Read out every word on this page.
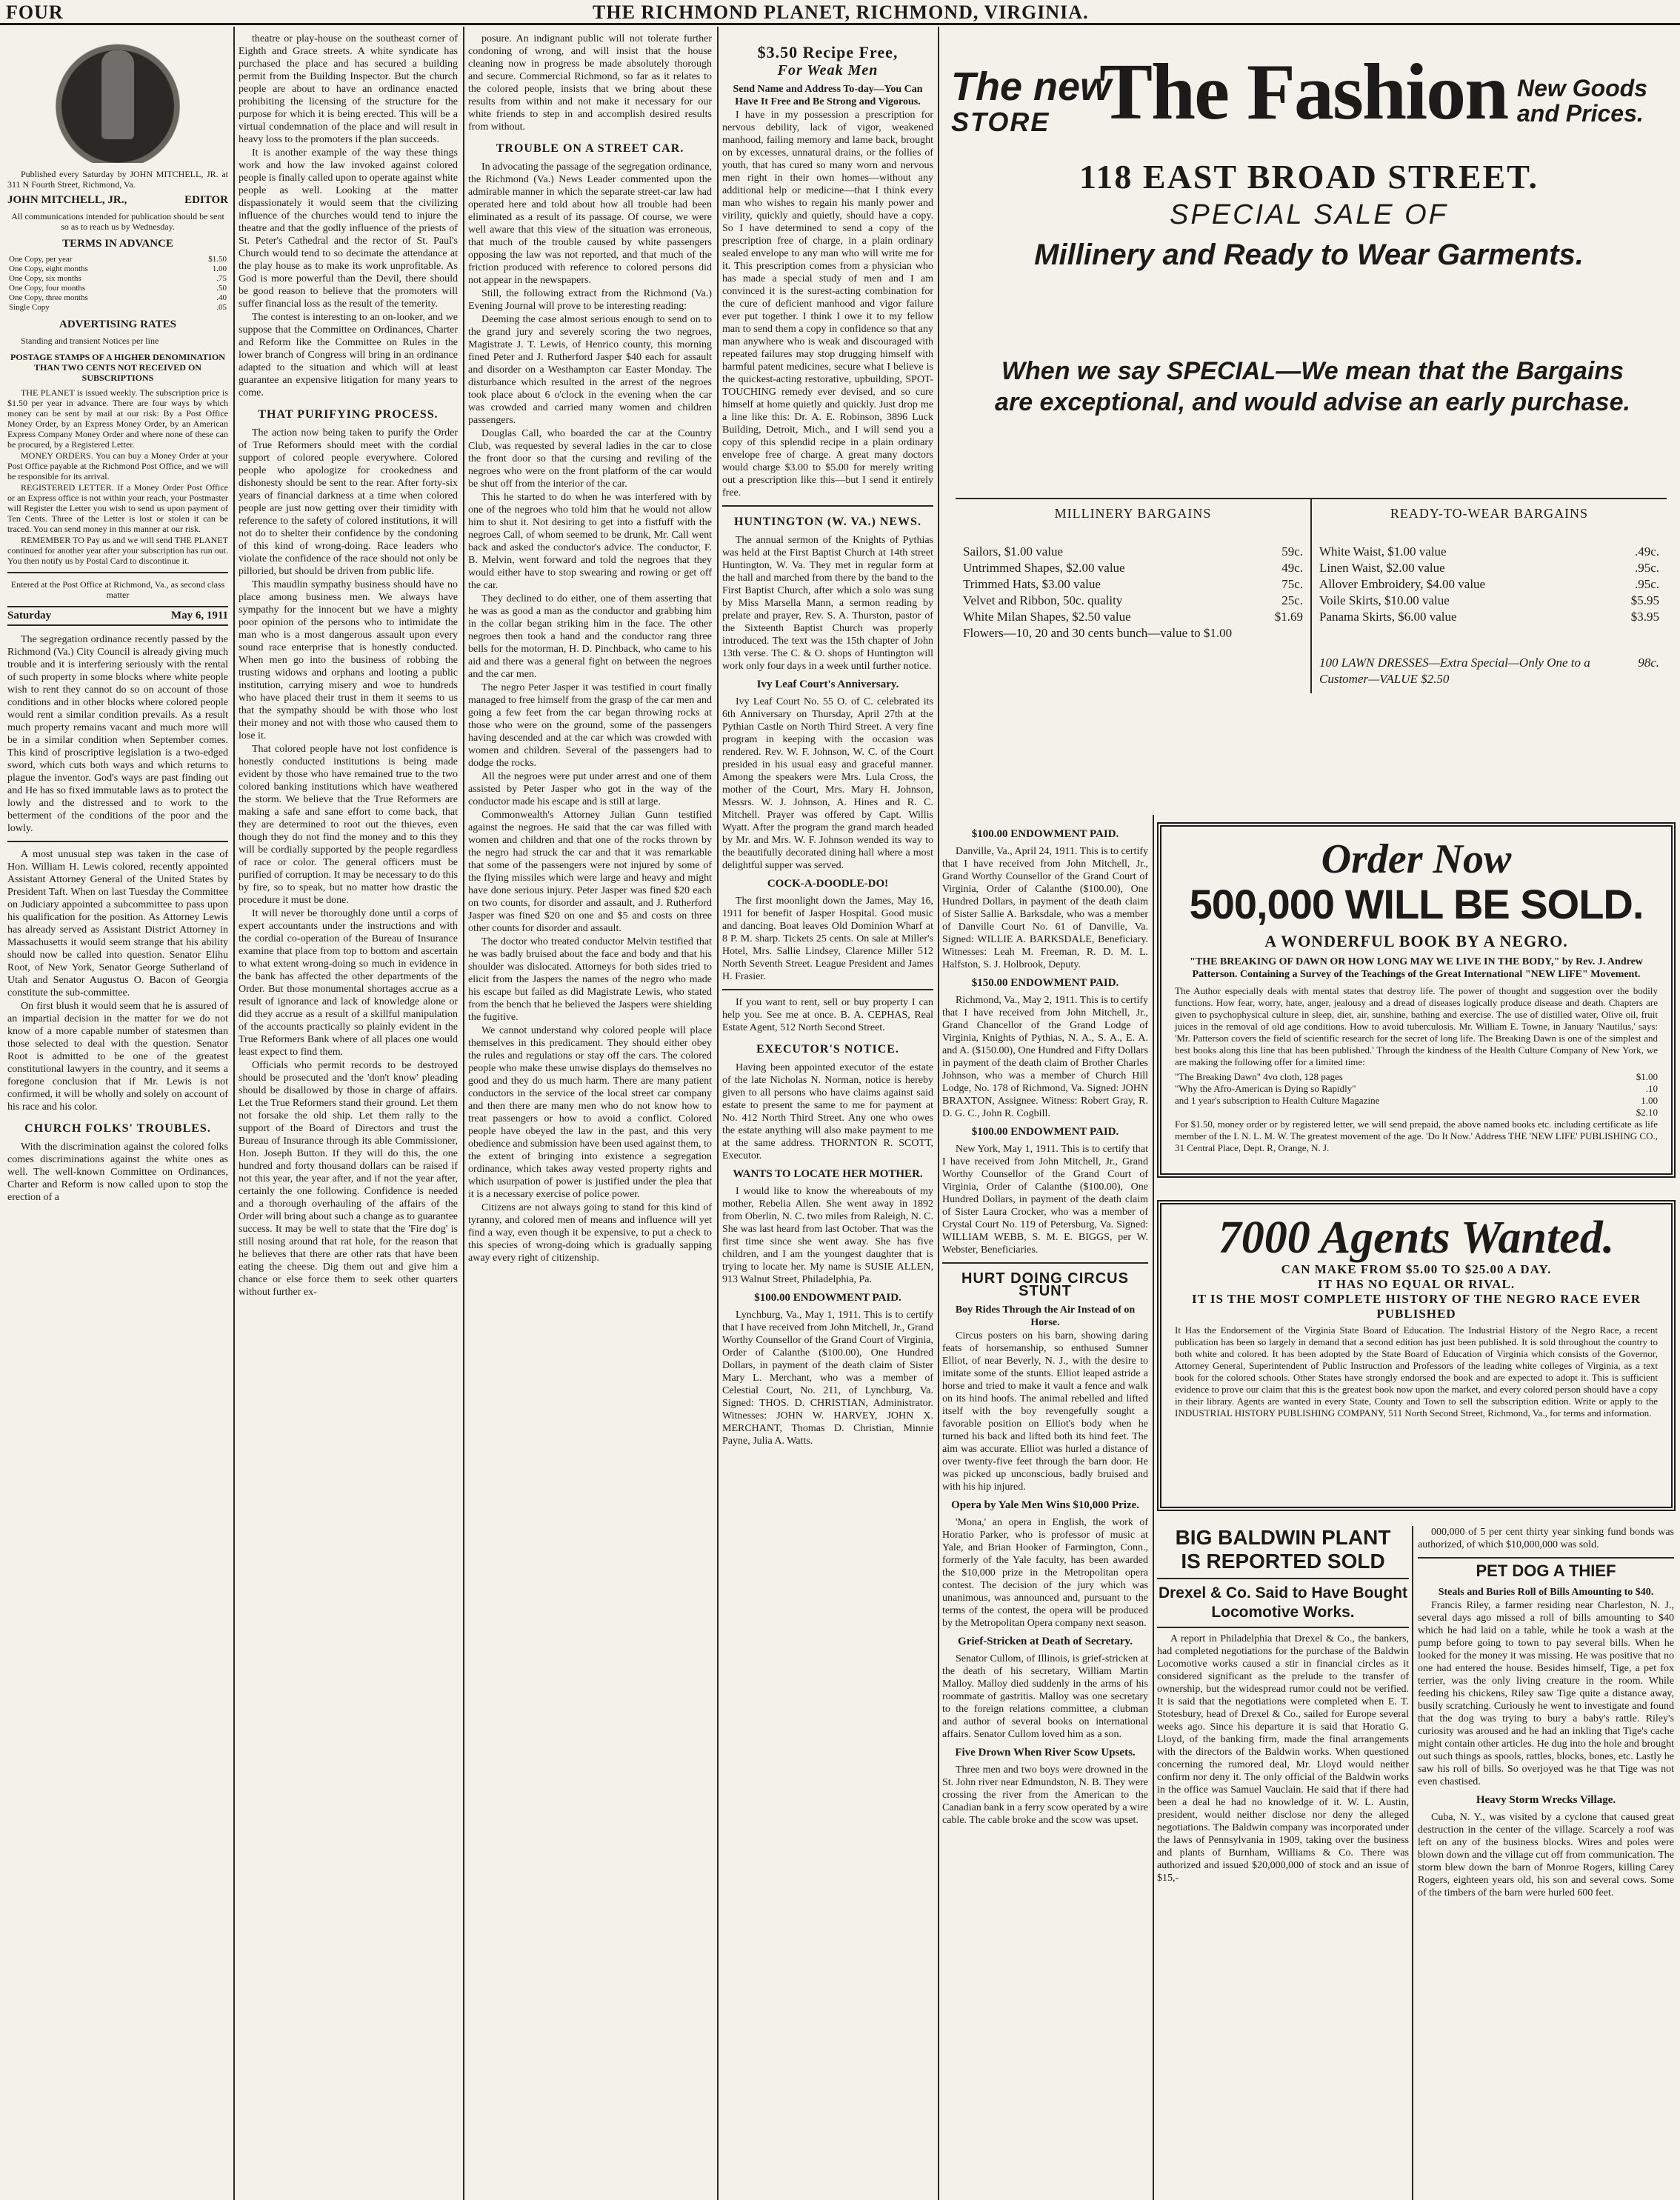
FOUR	THE RICHMOND PLANET, RICHMOND, VIRGINIA.

Published every Saturday by JOHN MITCHELL, JR. at 311 N Fourth Street, Richmond, Va.

JOHN MITCHELL, JR.,	EDITOR

All communications intended for publication should be sent so as to reach us by Wednesday.

TERMS IN ADVANCE
One Copy, per year	$1.50
One Copy, eight months	1.00
One Copy, six months	.75
One Copy, four months	.50
One Copy, three months	.40
Single Copy	.05
ADVERTISING RATES

Standing and transient Notices per line

POSTAGE STAMPS OF A HIGHER DENOMINATION THAN TWO CENTS NOT RECEIVED ON SUBSCRIPTIONS

THE PLANET is issued weekly. The subscription price is $1.50 per year in advance. There are four ways by which money can be sent by mail at our risk: By a Post Office Money Order, by an Express Money Order, by an American Express Company Money Order and where none of these can be procured, by a Registered Letter.

MONEY ORDERS. You can buy a Money Order at your Post Office payable at the Richmond Post Office, and we will be responsible for its arrival.

REGISTERED LETTER. If a Money Order Post Office or an Express office is not within your reach, your Postmaster will Register the Letter you wish to send us upon payment of Ten Cents. Three of the Letter is lost or stolen it can be traced. You can send money in this manner at our risk.

REMEMBER TO Pay us and we will send THE PLANET continued for another year after your subscription has run out. You then notify us by Postal Card to discontinue it.

Entered at the Post Office at Richmond, Va., as second class matter

Saturday	May 6, 1911

The segregation ordinance recently passed by the Richmond (Va.) City Council is already giving much trouble and it is interfering seriously with the rental of such property in some blocks where white people wish to rent they cannot do so on account of those conditions and in other blocks where colored people would rent a similar condition prevails. As a result much property remains vacant and much more will be in a similar condition when September comes. This kind of proscriptive legislation is a two-edged sword, which cuts both ways and which returns to plague the inventor. God's ways are past finding out and He has so fixed immutable laws as to protect the lowly and the distressed and to work to the betterment of the conditions of the poor and the lowly.

A most unusual step was taken in the case of Hon. William H. Lewis colored, recently appointed Assistant Attorney General of the United States by President Taft. When on last Tuesday the Committee on Judiciary appointed a subcommittee to pass upon his qualification for the position. As Attorney Lewis has already served as Assistant District Attorney in Massachusetts it would seem strange that his ability should now be called into question. Senator Elihu Root, of New York, Senator George Sutherland of Utah and Senator Augustus O. Bacon of Georgia constitute the sub-committee.

On first blush it would seem that he is assured of an impartial decision in the matter for we do not know of a more capable number of statesmen than those selected to deal with the question. Senator Root is admitted to be one of the greatest constitutional lawyers in the country, and it seems a foregone conclusion that if Mr. Lewis is not confirmed, it will be wholly and solely on account of his race and his color.

CHURCH FOLKS' TROUBLES.

With the discrimination against the colored folks comes discriminations against the white ones as well. The well-known Committee on Ordinances, Charter and Reform is now called upon to stop the erection of a

theatre or play-house on the southeast corner of Eighth and Grace streets. A white syndicate has purchased the place and has secured a building permit from the Building Inspector. But the church people are about to have an ordinance enacted prohibiting the licensing of the structure for the purpose for which it is being erected. This will be a virtual condemnation of the place and will result in heavy loss to the promoters if the plan succeeds.

It is another example of the way these things work and how the law invoked against colored people is finally called upon to operate against white people as well. Looking at the matter dispassionately it would seem that the civilizing influence of the churches would tend to injure the theatre and that the godly influence of the priests of St. Peter's Cathedral and the rector of St. Paul's Church would tend to so decimate the attendance at the play house as to make its work unprofitable. As God is more powerful than the Devil, there should be good reason to believe that the promoters will suffer financial loss as the result of the temerity.

The contest is interesting to an on-looker, and we suppose that the Committee on Ordinances, Charter and Reform like the Committee on Rules in the lower branch of Congress will bring in an ordinance adapted to the situation and which will at least guarantee an expensive litigation for many years to come.

THAT PURIFYING PROCESS.

The action now being taken to purify the Order of True Reformers should meet with the cordial support of colored people everywhere. Colored people who apologize for crookedness and dishonesty should be sent to the rear. After forty-six years of financial darkness at a time when colored people are just now getting over their timidity with reference to the safety of colored institutions, it will not do to shelter their confidence by the condoning of this kind of wrong-doing. Race leaders who violate the confidence of the race should not only be pilloried, but should be driven from public life.

This maudlin sympathy business should have no place among business men. We always have sympathy for the innocent but we have a mighty poor opinion of the persons who to intimidate the man who is a most dangerous assault upon every sound race enterprise that is honestly conducted. When men go into the business of robbing the trusting widows and orphans and looting a public institution, carrying misery and woe to hundreds who have placed their trust in them it seems to us that the sympathy should be with those who lost their money and not with those who caused them to lose it.

That colored people have not lost confidence is honestly conducted institutions is being made evident by those who have remained true to the two colored banking institutions which have weathered the storm. We believe that the True Reformers are making a safe and sane effort to come back, that they are determined to root out the thieves, even though they do not find the money and to this they will be cordially supported by the people regardless of race or color. The general officers must be purified of corruption. It may be necessary to do this by fire, so to speak, but no matter how drastic the procedure it must be done.

It will never be thoroughly done until a corps of expert accountants under the instructions and with the cordial co-operation of the Bureau of Insurance examine that place from top to bottom and ascertain to what extent wrong-doing so much in evidence in the bank has affected the other departments of the Order. But those monumental shortages accrue as a result of ignorance and lack of knowledge alone or did they accrue as a result of a skillful manipulation of the accounts practically so plainly evident in the True Reformers Bank where of all places one would least expect to find them.

Officials who permit records to be destroyed should be prosecuted and the 'don't know' pleading should be disallowed by those in charge of affairs. Let the True Reformers stand their ground. Let them not forsake the old ship. Let them rally to the support of the Board of Directors and trust the Bureau of Insurance through its able Commissioner, Hon. Joseph Button. If they will do this, the one hundred and forty thousand dollars can be raised if not this year, the year after, and if not the year after, certainly the one following. Confidence is needed and a thorough overhauling of the affairs of the Order will bring about such a change as to guarantee success. It may be well to state that the 'Fire dog' is still nosing around that rat hole, for the reason that he believes that there are other rats that have been eating the cheese. Dig them out and give him a chance or else force them to seek other quarters without further ex-

posure. An indignant public will not tolerate further condoning of wrong, and will insist that the house cleaning now in progress be made absolutely thorough and secure. Commercial Richmond, so far as it relates to the colored people, insists that we bring about these results from within and not make it necessary for our white friends to step in and accomplish desired results from without.

TROUBLE ON A STREET CAR.

In advocating the passage of the segregation ordinance, the Richmond (Va.) News Leader commented upon the admirable manner in which the separate street-car law had operated here and told about how all trouble had been eliminated as a result of its passage. Of course, we were well aware that this view of the situation was erroneous, that much of the trouble caused by white passengers opposing the law was not reported, and that much of the friction produced with reference to colored persons did not appear in the newspapers.

Still, the following extract from the Richmond (Va.) Evening Journal will prove to be interesting reading:

Deeming the case almost serious enough to send on to the grand jury and severely scoring the two negroes, Magistrate J. T. Lewis, of Henrico county, this morning fined Peter and J. Rutherford Jasper $40 each for assault and disorder on a Westhampton car Easter Monday. The disturbance which resulted in the arrest of the negroes took place about 6 o'clock in the evening when the car was crowded and carried many women and children passengers.

Douglas Call, who boarded the car at the Country Club, was requested by several ladies in the car to close the front door so that the cursing and reviling of the negroes who were on the front platform of the car would be shut off from the interior of the car.

This he started to do when he was interfered with by one of the negroes who told him that he would not allow him to shut it. Not desiring to get into a fistfuff with the negroes Call, of whom seemed to be drunk, Mr. Call went back and asked the conductor's advice. The conductor, F. B. Melvin, went forward and told the negroes that they would either have to stop swearing and rowing or get off the car.

They declined to do either, one of them asserting that he was as good a man as the conductor and grabbing him in the collar began striking him in the face. The other negroes then took a hand and the conductor rang three bells for the motorman, H. D. Pinchback, who came to his aid and there was a general fight on between the negroes and the car men.

The negro Peter Jasper it was testified in court finally managed to free himself from the grasp of the car men and going a few feet from the car began throwing rocks at those who were on the ground, some of the passengers having descended and at the car which was crowded with women and children. Several of the passengers had to dodge the rocks.

All the negroes were put under arrest and one of them assisted by Peter Jasper who got in the way of the conductor made his escape and is still at large.

Commonwealth's Attorney Julian Gunn testified against the negroes. He said that the car was filled with women and children and that one of the rocks thrown by the negro had struck the car and that it was remarkable that some of the passengers were not injured by some of the flying missiles which were large and heavy and might have done serious injury. Peter Jasper was fined $20 each on two counts, for disorder and assault, and J. Rutherford Jasper was fined $20 on one and $5 and costs on three other counts for disorder and assault.

The doctor who treated conductor Melvin testified that he was badly bruised about the face and body and that his shoulder was dislocated. Attorneys for both sides tried to elicit from the Jaspers the names of the negro who made his escape but failed as did Magistrate Lewis, who stated from the bench that he believed the Jaspers were shielding the fugitive.

We cannot understand why colored people will place themselves in this predicament. They should either obey the rules and regulations or stay off the cars. The colored people who make these unwise displays do themselves no good and they do us much harm. There are many patient conductors in the service of the local street car company and then there are many men who do not know how to treat passengers or how to avoid a conflict. Colored people have obeyed the law in the past, and this very obedience and submission have been used against them, to the extent of bringing into existence a segregation ordinance, which takes away vested property rights and which usurpation of power is justified under the plea that it is a necessary exercise of police power.

Citizens are not always going to stand for this kind of tyranny, and colored men of means and influence will yet find a way, even though it be expensive, to put a check to this species of wrong-doing which is gradually sapping away every right of citizenship.

$3.50 Recipe Free,
For Weak Men

Send Name and Address To-day—You Can Have It Free and Be Strong and Vigorous.

I have in my possession a prescription for nervous debility, lack of vigor, weakened manhood, failing memory and lame back, brought on by excesses, unnatural drains, or the follies of youth, that has cured so many worn and nervous men right in their own homes—without any additional help or medicine—that I think every man who wishes to regain his manly power and virility, quickly and quietly, should have a copy. So I have determined to send a copy of the prescription free of charge, in a plain ordinary sealed envelope to any man who will write me for it. This prescription comes from a physician who has made a special study of men and I am convinced it is the surest-acting combination for the cure of deficient manhood and vigor failure ever put together. I think I owe it to my fellow man to send them a copy in confidence so that any man anywhere who is weak and discouraged with repeated failures may stop drugging himself with harmful patent medicines, secure what I believe is the quickest-acting restorative, upbuilding, SPOT-TOUCHING remedy ever devised, and so cure himself at home quietly and quickly. Just drop me a line like this: Dr. A. E. Robinson, 3896 Luck Building, Detroit, Mich., and I will send you a copy of this splendid recipe in a plain ordinary envelope free of charge. A great many doctors would charge $3.00 to $5.00 for merely writing out a prescription like this—but I send it entirely free.

HUNTINGTON (W. VA.) NEWS.

The annual sermon of the Knights of Pythias was held at the First Baptist Church at 14th street Huntington, W. Va. They met in regular form at the hall and marched from there by the band to the First Baptist Church, after which a solo was sung by Miss Marsella Mann, a sermon reading by prelate and prayer, Rev. S. A. Thurston, pastor of the Sixteenth Baptist Church was properly introduced. The text was the 15th chapter of John 13th verse. The C. & O. shops of Huntington will work only four days in a week until further notice.

Ivy Leaf Court's Anniversary.

Ivy Leaf Court No. 55 O. of C. celebrated its 6th Anniversary on Thursday, April 27th at the Pythian Castle on North Third Street. A very fine program in keeping with the occasion was rendered. Rev. W. F. Johnson, W. C. of the Court presided in his usual easy and graceful manner. Among the speakers were Mrs. Lula Cross, the mother of the Court, Mrs. Mary H. Johnson, Messrs. W. J. Johnson, A. Hines and R. C. Mitchell. Prayer was offered by Capt. Willis Wyatt. After the program the grand march headed by Mr. and Mrs. W. F. Johnson wended its way to the beautifully decorated dining hall where a most delightful supper was served.

COCK-A-DOODLE-DO!

The first moonlight down the James, May 16, 1911 for benefit of Jasper Hospital. Good music and dancing. Boat leaves Old Dominion Wharf at 8 P. M. sharp. Tickets 25 cents. On sale at Miller's Hotel, Mrs. Sallie Lindsey, Clarence Miller 512 North Seventh Street. League President and James H. Frasier.

If you want to rent, sell or buy property I can help you. See me at once. B. A. CEPHAS, Real Estate Agent, 512 North Second Street.

EXECUTOR'S NOTICE.

Having been appointed executor of the estate of the late Nicholas N. Norman, notice is hereby given to all persons who have claims against said estate to present the same to me for payment at No. 412 North Third Street. Any one who owes the estate anything will also make payment to me at the same address. THORNTON R. SCOTT, Executor.

WANTS TO LOCATE HER MOTHER.

I would like to know the whereabouts of my mother, Rebelia Allen. She went away in 1892 from Oberlin, N. C. two miles from Raleigh, N. C. She was last heard from last October. That was the first time since she went away. She has five children, and I am the youngest daughter that is trying to locate her. My name is SUSIE ALLEN, 913 Walnut Street, Philadelphia, Pa.

$100.00 ENDOWMENT PAID.

Lynchburg, Va., May 1, 1911. This is to certify that I have received from John Mitchell, Jr., Grand Worthy Counsellor of the Grand Court of Virginia, Order of Calanthe ($100.00), One Hundred Dollars, in payment of the death claim of Sister Mary L. Merchant, who was a member of Celestial Court, No. 211, of Lynchburg, Va. Signed: THOS. D. CHRISTIAN, Administrator. Witnesses: JOHN W. HARVEY, JOHN X. MERCHANT, Thomas D. Christian, Minnie Payne, Julia A. Watts.

The new
STORE The Fashion New Goods and Prices.
118 EAST BROAD STREET.
SPECIAL SALE OF
Millinery and Ready to Wear Garments.
When we say SPECIAL—We mean that the Bargains are exceptional, and would advise an early purchase.
MILLINERY BARGAINS
Sailors, $1.00 value	59c.
Untrimmed Shapes, $2.00 value	49c.
Trimmed Hats, $3.00 value	75c.
Velvet and Ribbon, 50c. quality	25c.
White Milan Shapes, $2.50 value	$1.69
Flowers—10, 20 and 30 cents bunch—value to $1.00
READY-TO-WEAR BARGAINS
White Waist, $1.00 value	.49c.
Linen Waist, $2.00 value	.95c.
Allover Embroidery, $4.00 value	.95c.
Voile Skirts, $10.00 value	$5.95
Panama Skirts, $6.00 value	$3.95
100 LAWN DRESSES—Extra Special—Only One to a Customer—VALUE $2.50
98c.
$100.00 ENDOWMENT PAID.

Danville, Va., April 24, 1911. This is to certify that I have received from John Mitchell, Jr., Grand Worthy Counsellor of the Grand Court of Virginia, Order of Calanthe ($100.00), One Hundred Dollars, in payment of the death claim of Sister Sallie A. Barksdale, who was a member of Danville Court No. 61 of Danville, Va. Signed: WILLIE A. BARKSDALE, Beneficiary. Witnesses: Leah M. Freeman, R. D. M. L. Halfston, S. J. Holbrook, Deputy.

$150.00 ENDOWMENT PAID.

Richmond, Va., May 2, 1911. This is to certify that I have received from John Mitchell, Jr., Grand Chancellor of the Grand Lodge of Virginia, Knights of Pythias, N. A., S. A., E. A. and A. ($150.00), One Hundred and Fifty Dollars in payment of the death claim of Brother Charles Johnson, who was a member of Church Hill Lodge, No. 178 of Richmond, Va. Signed: JOHN BRAXTON, Assignee. Witness: Robert Gray, R. D. G. C., John R. Cogbill.

$100.00 ENDOWMENT PAID.

New York, May 1, 1911. This is to certify that I have received from John Mitchell, Jr., Grand Worthy Counsellor of the Grand Court of Virginia, Order of Calanthe ($100.00), One Hundred Dollars, in payment of the death claim of Sister Laura Crocker, who was a member of Crystal Court No. 119 of Petersburg, Va. Signed: WILLIAM WEBB, S. M. E. BIGGS, per W. Webster, Beneficiaries.

HURT DOING CIRCUS STUNT

Boy Rides Through the Air Instead of on Horse.

Circus posters on his barn, showing daring feats of horsemanship, so enthused Sumner Elliot, of near Beverly, N. J., with the desire to imitate some of the stunts. Elliot leaped astride a horse and tried to make it vault a fence and walk on its hind hoofs. The animal rebelled and lifted itself with the boy revengefully sought a favorable position on Elliot's body when he turned his back and lifted both its hind feet. The aim was accurate. Elliot was hurled a distance of over twenty-five feet through the barn door. He was picked up unconscious, badly bruised and with his hip injured.

Opera by Yale Men Wins $10,000 Prize.

'Mona,' an opera in English, the work of Horatio Parker, who is professor of music at Yale, and Brian Hooker of Farmington, Conn., formerly of the Yale faculty, has been awarded the $10,000 prize in the Metropolitan opera contest. The decision of the jury which was unanimous, was announced and, pursuant to the terms of the contest, the opera will be produced by the Metropolitan Opera company next season.

Grief-Stricken at Death of Secretary.

Senator Cullom, of Illinois, is grief-stricken at the death of his secretary, William Martin Malloy. Malloy died suddenly in the arms of his roommate of gastritis. Malloy was one secretary to the foreign relations committee, a clubman and author of several books on international affairs. Senator Cullom loved him as a son.

Five Drown When River Scow Upsets.

Three men and two boys were drowned in the St. John river near Edmundston, N. B. They were crossing the river from the American to the Canadian bank in a ferry scow operated by a wire cable. The cable broke and the scow was upset.

Order Now
500,000 WILL BE SOLD.
A WONDERFUL BOOK BY A NEGRO.
"THE BREAKING OF DAWN OR HOW LONG MAY WE LIVE IN THE BODY," by Rev. J. Andrew Patterson. Containing a Survey of the Teachings of the Great International "NEW LIFE" Movement.

The Author especially deals with mental states that destroy life. The power of thought and suggestion over the bodily functions. How fear, worry, hate, anger, jealousy and a dread of diseases logically produce disease and death. Chapters are given to psychophysical culture in sleep, diet, air, sunshine, bathing and exercise. The use of distilled water, Olive oil, fruit juices in the removal of old age conditions. How to avoid tuberculosis. Mr. William E. Towne, in January 'Nautilus,' says: 'Mr. Patterson covers the field of scientific research for the secret of long life. The Breaking Dawn is one of the simplest and best books along this line that has been published.' Through the kindness of the Health Culture Company of New York, we are making the following offer for a limited time:

"The Breaking Dawn" 4vo cloth, 128 pages	$1.00
"Why the Afro-American is Dying so Rapidly"	.10
and 1 year's subscription to Health Culture Magazine	1.00
$2.10

For $1.50, money order or by registered letter, we will send prepaid, the above named books etc. including certificate as life member of the I. N. L. M. W. The greatest movement of the age. 'Do It Now.' Address THE 'NEW LIFE' PUBLISHING CO., 31 Central Place, Dept. R, Orange, N. J.

7000 Agents Wanted.
CAN MAKE FROM $5.00 TO $25.00 A DAY.
IT HAS NO EQUAL OR RIVAL.
IT IS THE MOST COMPLETE HISTORY OF THE NEGRO RACE EVER PUBLISHED

It Has the Endorsement of the Virginia State Board of Education. The Industrial History of the Negro Race, a recent publication has been so largely in demand that a second edition has just been published. It is sold throughout the country to both white and colored. It has been adopted by the State Board of Education of Virginia which consists of the Governor, Attorney General, Superintendent of Public Instruction and Professors of the leading white colleges of Virginia, as a text book for the colored schools. Other States have strongly endorsed the book and are expected to adopt it. This is sufficient evidence to prove our claim that this is the greatest book now upon the market, and every colored person should have a copy in their library. Agents are wanted in every State, County and Town to sell the subscription edition. Write or apply to the INDUSTRIAL HISTORY PUBLISHING COMPANY, 511 North Second Street, Richmond, Va., for terms and information.

BIG BALDWIN PLANT
IS REPORTED SOLD
Drexel & Co. Said to Have Bought Locomotive Works.

A report in Philadelphia that Drexel & Co., the bankers, had completed negotiations for the purchase of the Baldwin Locomotive works caused a stir in financial circles as it considered significant as the prelude to the transfer of ownership, but the widespread rumor could not be verified. It is said that the negotiations were completed when E. T. Stotesbury, head of Drexel & Co., sailed for Europe several weeks ago. Since his departure it is said that Horatio G. Lloyd, of the banking firm, made the final arrangements with the directors of the Baldwin works. When questioned concerning the rumored deal, Mr. Lloyd would neither confirm nor deny it. The only official of the Baldwin works in the office was Samuel Vauclain. He said that if there had been a deal he had no knowledge of it. W. L. Austin, president, would neither disclose nor deny the alleged negotiations. The Baldwin company was incorporated under the laws of Pennsylvania in 1909, taking over the business and plants of Burnham, Williams & Co. There was authorized and issued $20,000,000 of stock and an issue of $15,-

000,000 of 5 per cent thirty year sinking fund bonds was authorized, of which $10,000,000 was sold.

PET DOG A THIEF

Steals and Buries Roll of Bills Amounting to $40.

Francis Riley, a farmer residing near Charleston, N. J., several days ago missed a roll of bills amounting to $40 which he had laid on a table, while he took a wash at the pump before going to town to pay several bills. When he looked for the money it was missing. He was positive that no one had entered the house. Besides himself, Tige, a pet fox terrier, was the only living creature in the room. While feeding his chickens, Riley saw Tige quite a distance away, busily scratching. Curiously he went to investigate and found that the dog was trying to bury a baby's rattle. Riley's curiosity was aroused and he had an inkling that Tige's cache might contain other articles. He dug into the hole and brought out such things as spools, rattles, blocks, bones, etc. Lastly he saw his roll of bills. So overjoyed was he that Tige was not even chastised.

Heavy Storm Wrecks Village.

Cuba, N. Y., was visited by a cyclone that caused great destruction in the center of the village. Scarcely a roof was left on any of the business blocks. Wires and poles were blown down and the village cut off from communication. The storm blew down the barn of Monroe Rogers, killing Carey Rogers, eighteen years old, his son and several cows. Some of the timbers of the barn were hurled 600 feet.
